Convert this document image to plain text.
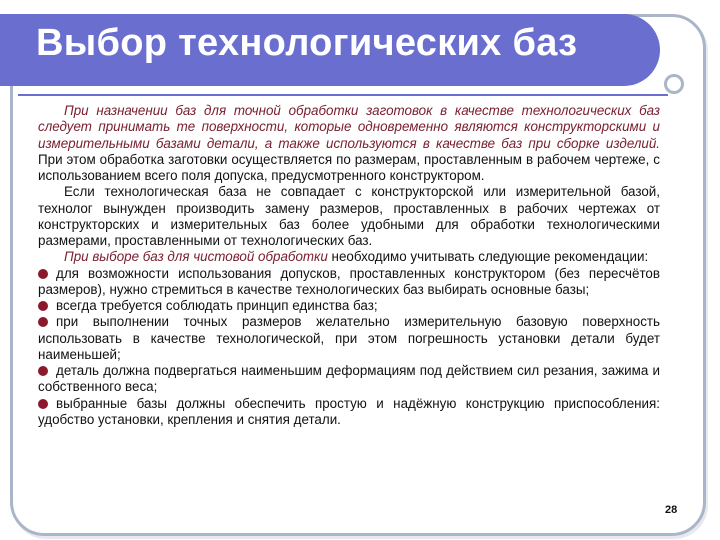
Выбор технологических баз

При назначении баз для точной обработки заготовок в качестве технологических баз следует принимать те поверхности, которые одновременно являются конструкторскими и измерительными базами детали, а также используются в качестве баз при сборке изделий. При этом обработка заготовки осуществляется по размерам, проставленным в рабочем чертеже, с использованием всего поля допуска, предусмотренного конструктором.

Если технологическая база не совпадает с конструкторской или измерительной базой, технолог вынужден производить замену размеров, проставленных в рабочих чертежах от конструкторских и измерительных баз более удобными для обработки технологическими размерами, проставленными от технологических баз.

При выборе баз для чистовой обработки необходимо учитывать следующие рекомендации:

для возможности использования допусков, проставленных конструктором (без пересчётов размеров), нужно стремиться в качестве технологических баз выбирать основные базы;

всегда требуется соблюдать принцип единства баз;

при выполнении точных размеров желательно измерительную базовую поверхность использовать в качестве технологической, при этом погрешность установки детали будет наименьшей;

деталь должна подвергаться наименьшим деформациям под действием сил резания, зажима и собственного веса;

выбранные базы должны обеспечить простую и надёжную конструкцию приспособления: удобство установки, крепления и снятия детали.

28
